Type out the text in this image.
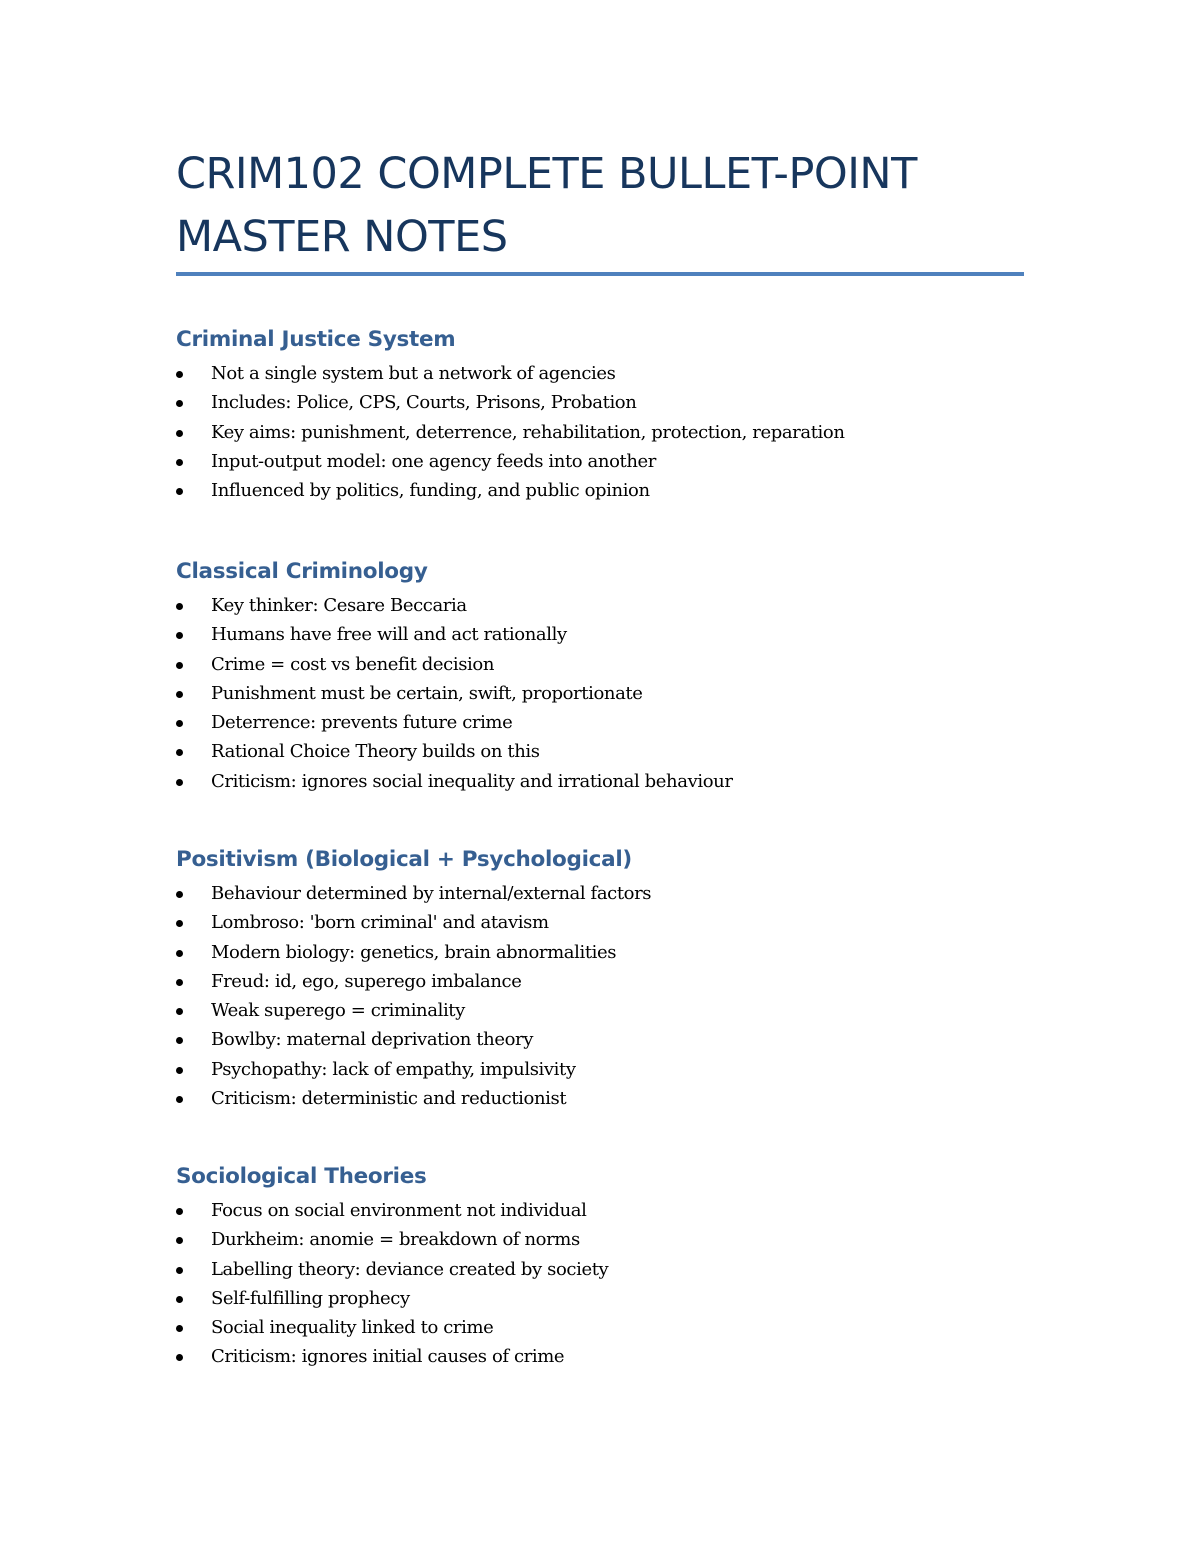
CRIM102 COMPLETE BULLET-POINT MASTER NOTES
Criminal Justice System
Not a single system but a network of agencies
Includes: Police, CPS, Courts, Prisons, Probation
Key aims: punishment, deterrence, rehabilitation, protection, reparation
Input-output model: one agency feeds into another
Influenced by politics, funding, and public opinion
Classical Criminology
Key thinker: Cesare Beccaria
Humans have free will and act rationally
Crime = cost vs benefit decision
Punishment must be certain, swift, proportionate
Deterrence: prevents future crime
Rational Choice Theory builds on this
Criticism: ignores social inequality and irrational behaviour
Positivism (Biological + Psychological)
Behaviour determined by internal/external factors
Lombroso: 'born criminal' and atavism
Modern biology: genetics, brain abnormalities
Freud: id, ego, superego imbalance
Weak superego = criminality
Bowlby: maternal deprivation theory
Psychopathy: lack of empathy, impulsivity
Criticism: deterministic and reductionist
Sociological Theories
Focus on social environment not individual
Durkheim: anomie = breakdown of norms
Labelling theory: deviance created by society
Self-fulfilling prophecy
Social inequality linked to crime
Criticism: ignores initial causes of crime
